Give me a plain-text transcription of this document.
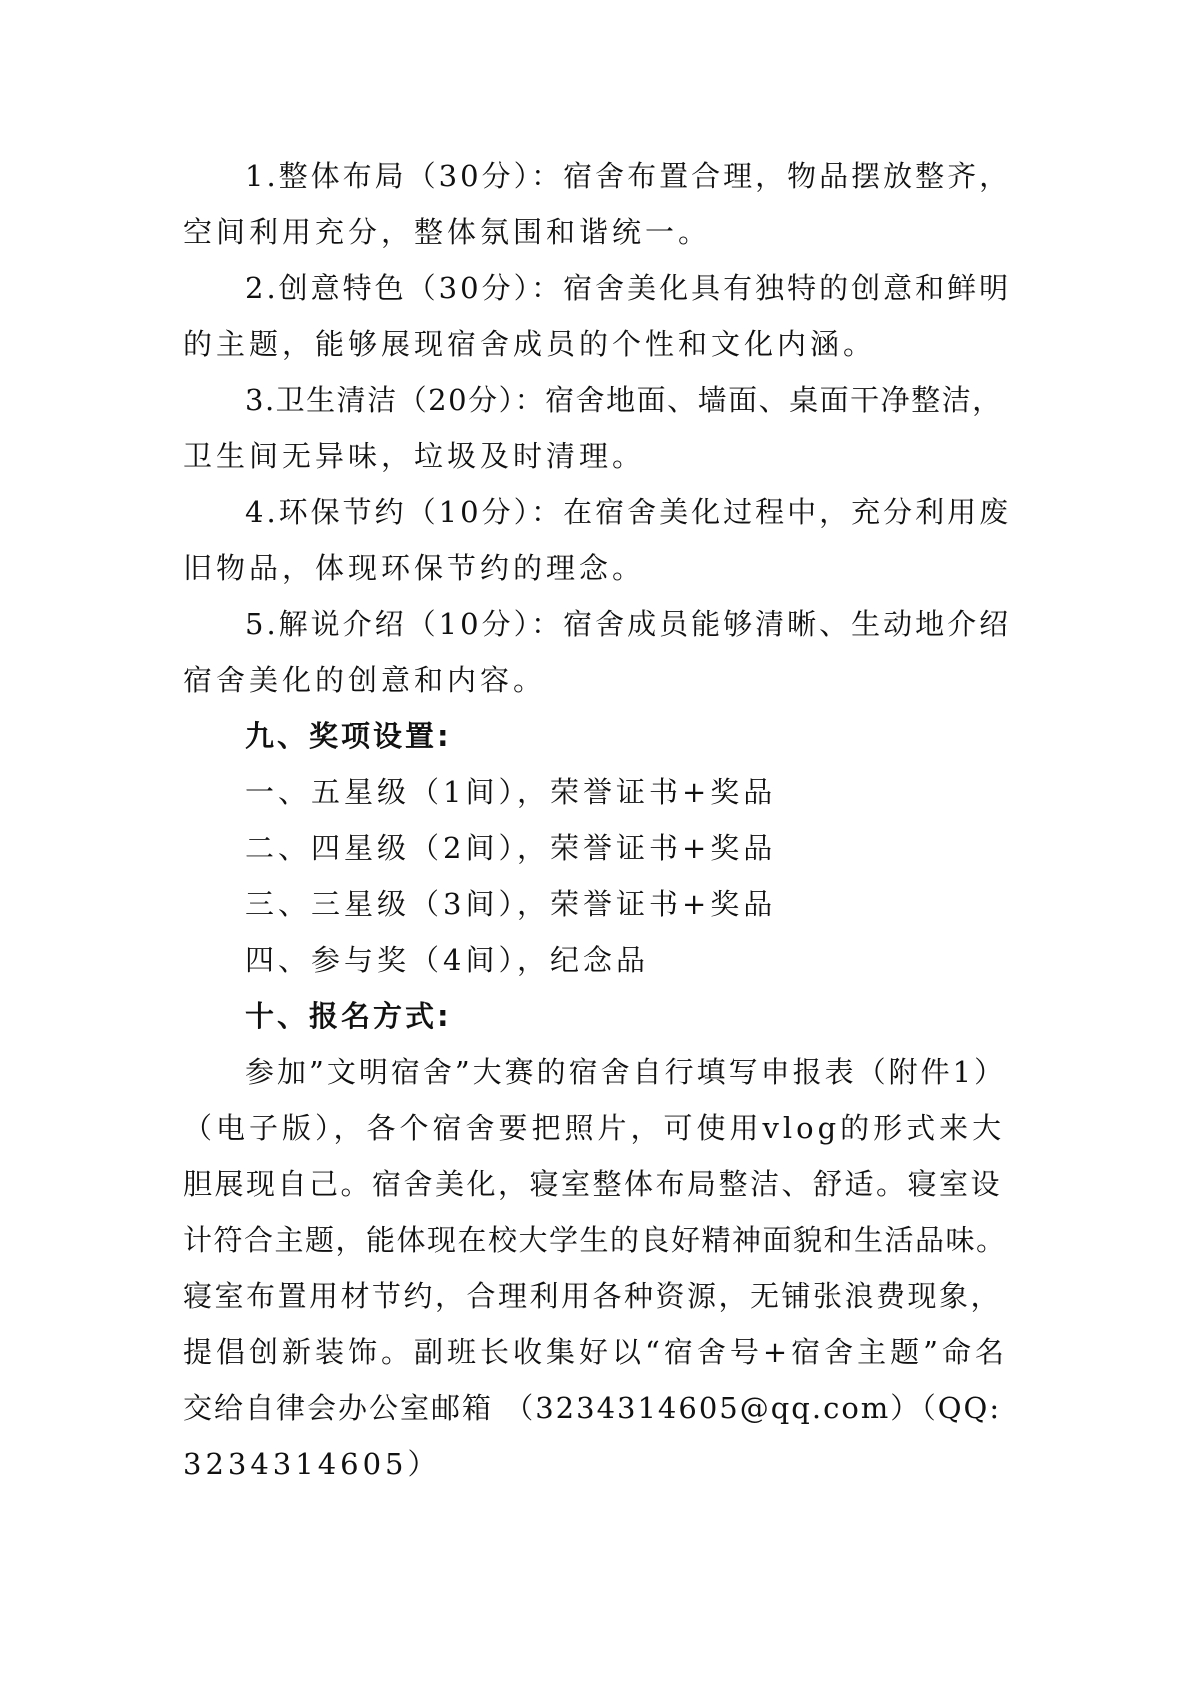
1.整体布局（30分）：宿舍布置合理，物品摆放整齐，
空间利用充分，整体氛围和谐统一。
2.创意特色（30分）：宿舍美化具有独特的创意和鲜明
的主题，能够展现宿舍成员的个性和文化内涵。
3.卫生清洁（20分）：宿舍地面、墙面、桌面干净整洁，
卫生间无异味，垃圾及时清理。
4.环保节约（10分）：在宿舍美化过程中，充分利用废
旧物品，体现环保节约的理念。
5.解说介绍（10分）：宿舍成员能够清晰、生动地介绍
宿舍美化的创意和内容。
九、奖项设置:
一、五星级（1间），荣誉证书+奖品
二、四星级（2间），荣誉证书+奖品
三、三星级（3间），荣誉证书+奖品
四、参与奖（4间），纪念品
十、报名方式:
参加”文明宿舍”大赛的宿舍自行填写申报表（附件1）
（电子版），各个宿舍要把照片，可使用vlog的形式来大
胆展现自己。宿舍美化，寝室整体布局整洁、舒适。寝室设
计符合主题，能体现在校大学生的良好精神面貌和生活品味。
寝室布置用材节约，合理利用各种资源，无铺张浪费现象，
提倡创新装饰。副班长收集好以“宿舍号+宿舍主题”命名
交给自律会办公室邮箱 （3234314605@qq.com）（QQ:
3234314605）
